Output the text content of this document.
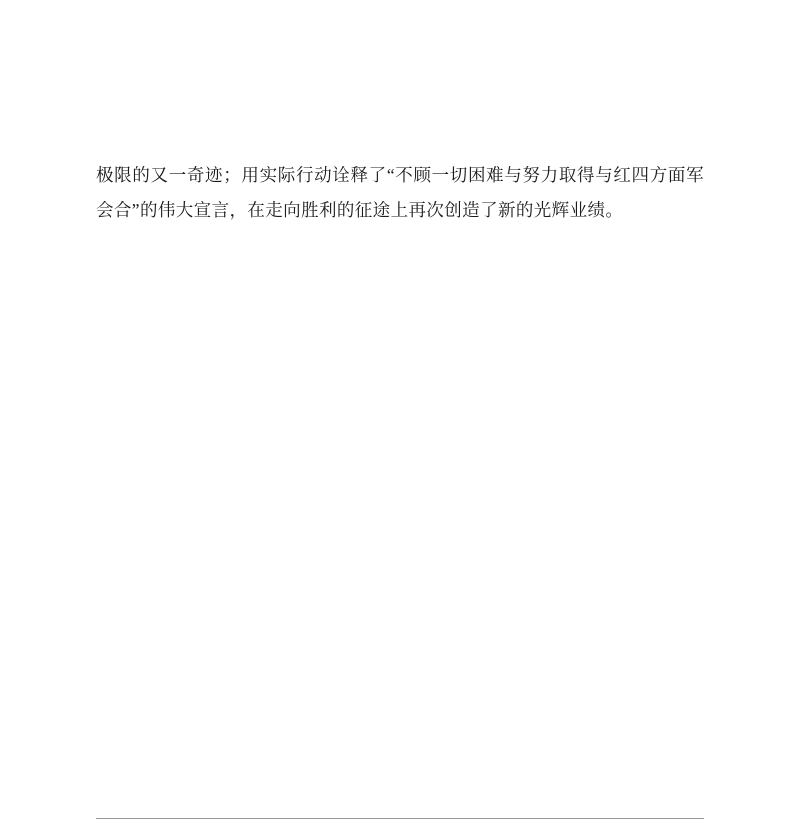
极限的又一奇迹；用实际行动诠释了“不顾一切困难与努力取得与红四方面军会合”的伟大宣言，在走向胜利的征途上再次创造了新的光辉业绩。
